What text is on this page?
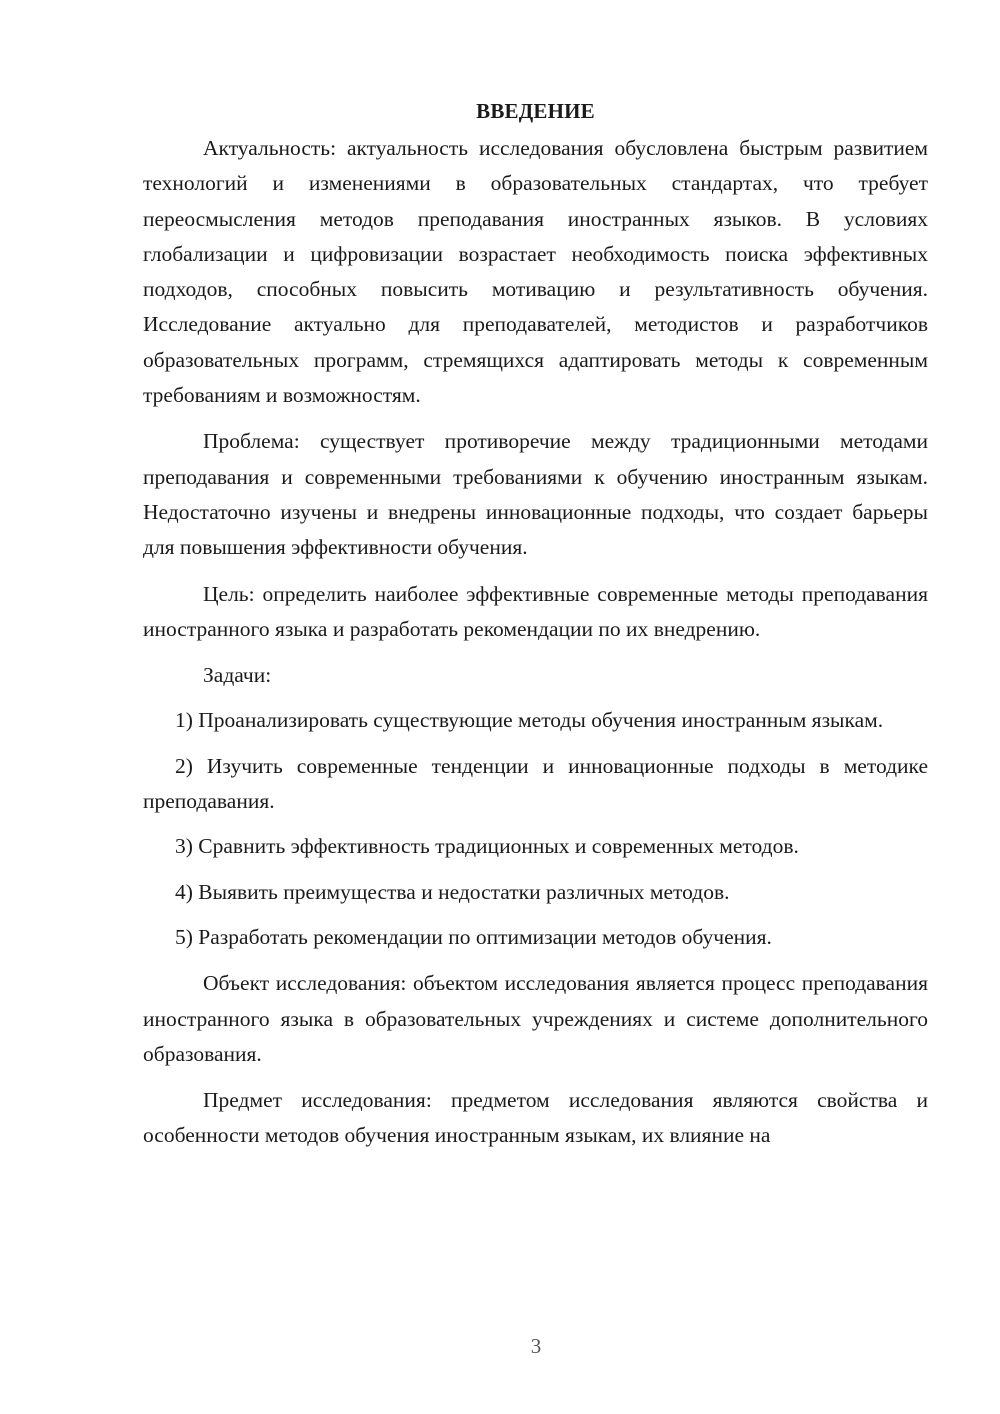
ВВЕДЕНИЕ

Актуальность: актуальность исследования обусловлена быстрым развитием технологий и изменениями в образовательных стандартах, что требует переосмысления методов преподавания иностранных языков. В условиях глобализации и цифровизации возрастает необходимость поиска эффективных подходов, способных повысить мотивацию и результативность обучения. Исследование актуально для преподавателей, методистов и разработчиков образовательных программ, стремящихся адаптировать методы к современным требованиям и возможностям.

Проблема: существует противоречие между традиционными методами преподавания и современными требованиями к обучению иностранным языкам. Недостаточно изучены и внедрены инновационные подходы, что создает барьеры для повышения эффективности обучения.

Цель: определить наиболее эффективные современные методы преподавания иностранного языка и разработать рекомендации по их внедрению.

Задачи:

1) Проанализировать существующие методы обучения иностранным языкам.

2) Изучить современные тенденции и инновационные подходы в методике преподавания.

3) Сравнить эффективность традиционных и современных методов.

4) Выявить преимущества и недостатки различных методов.

5) Разработать рекомендации по оптимизации методов обучения.

Объект исследования: объектом исследования является процесс преподавания иностранного языка в образовательных учреждениях и системе дополнительного образования.

Предмет исследования: предметом исследования являются свойства и особенности методов обучения иностранным языкам, их влияние на

3
